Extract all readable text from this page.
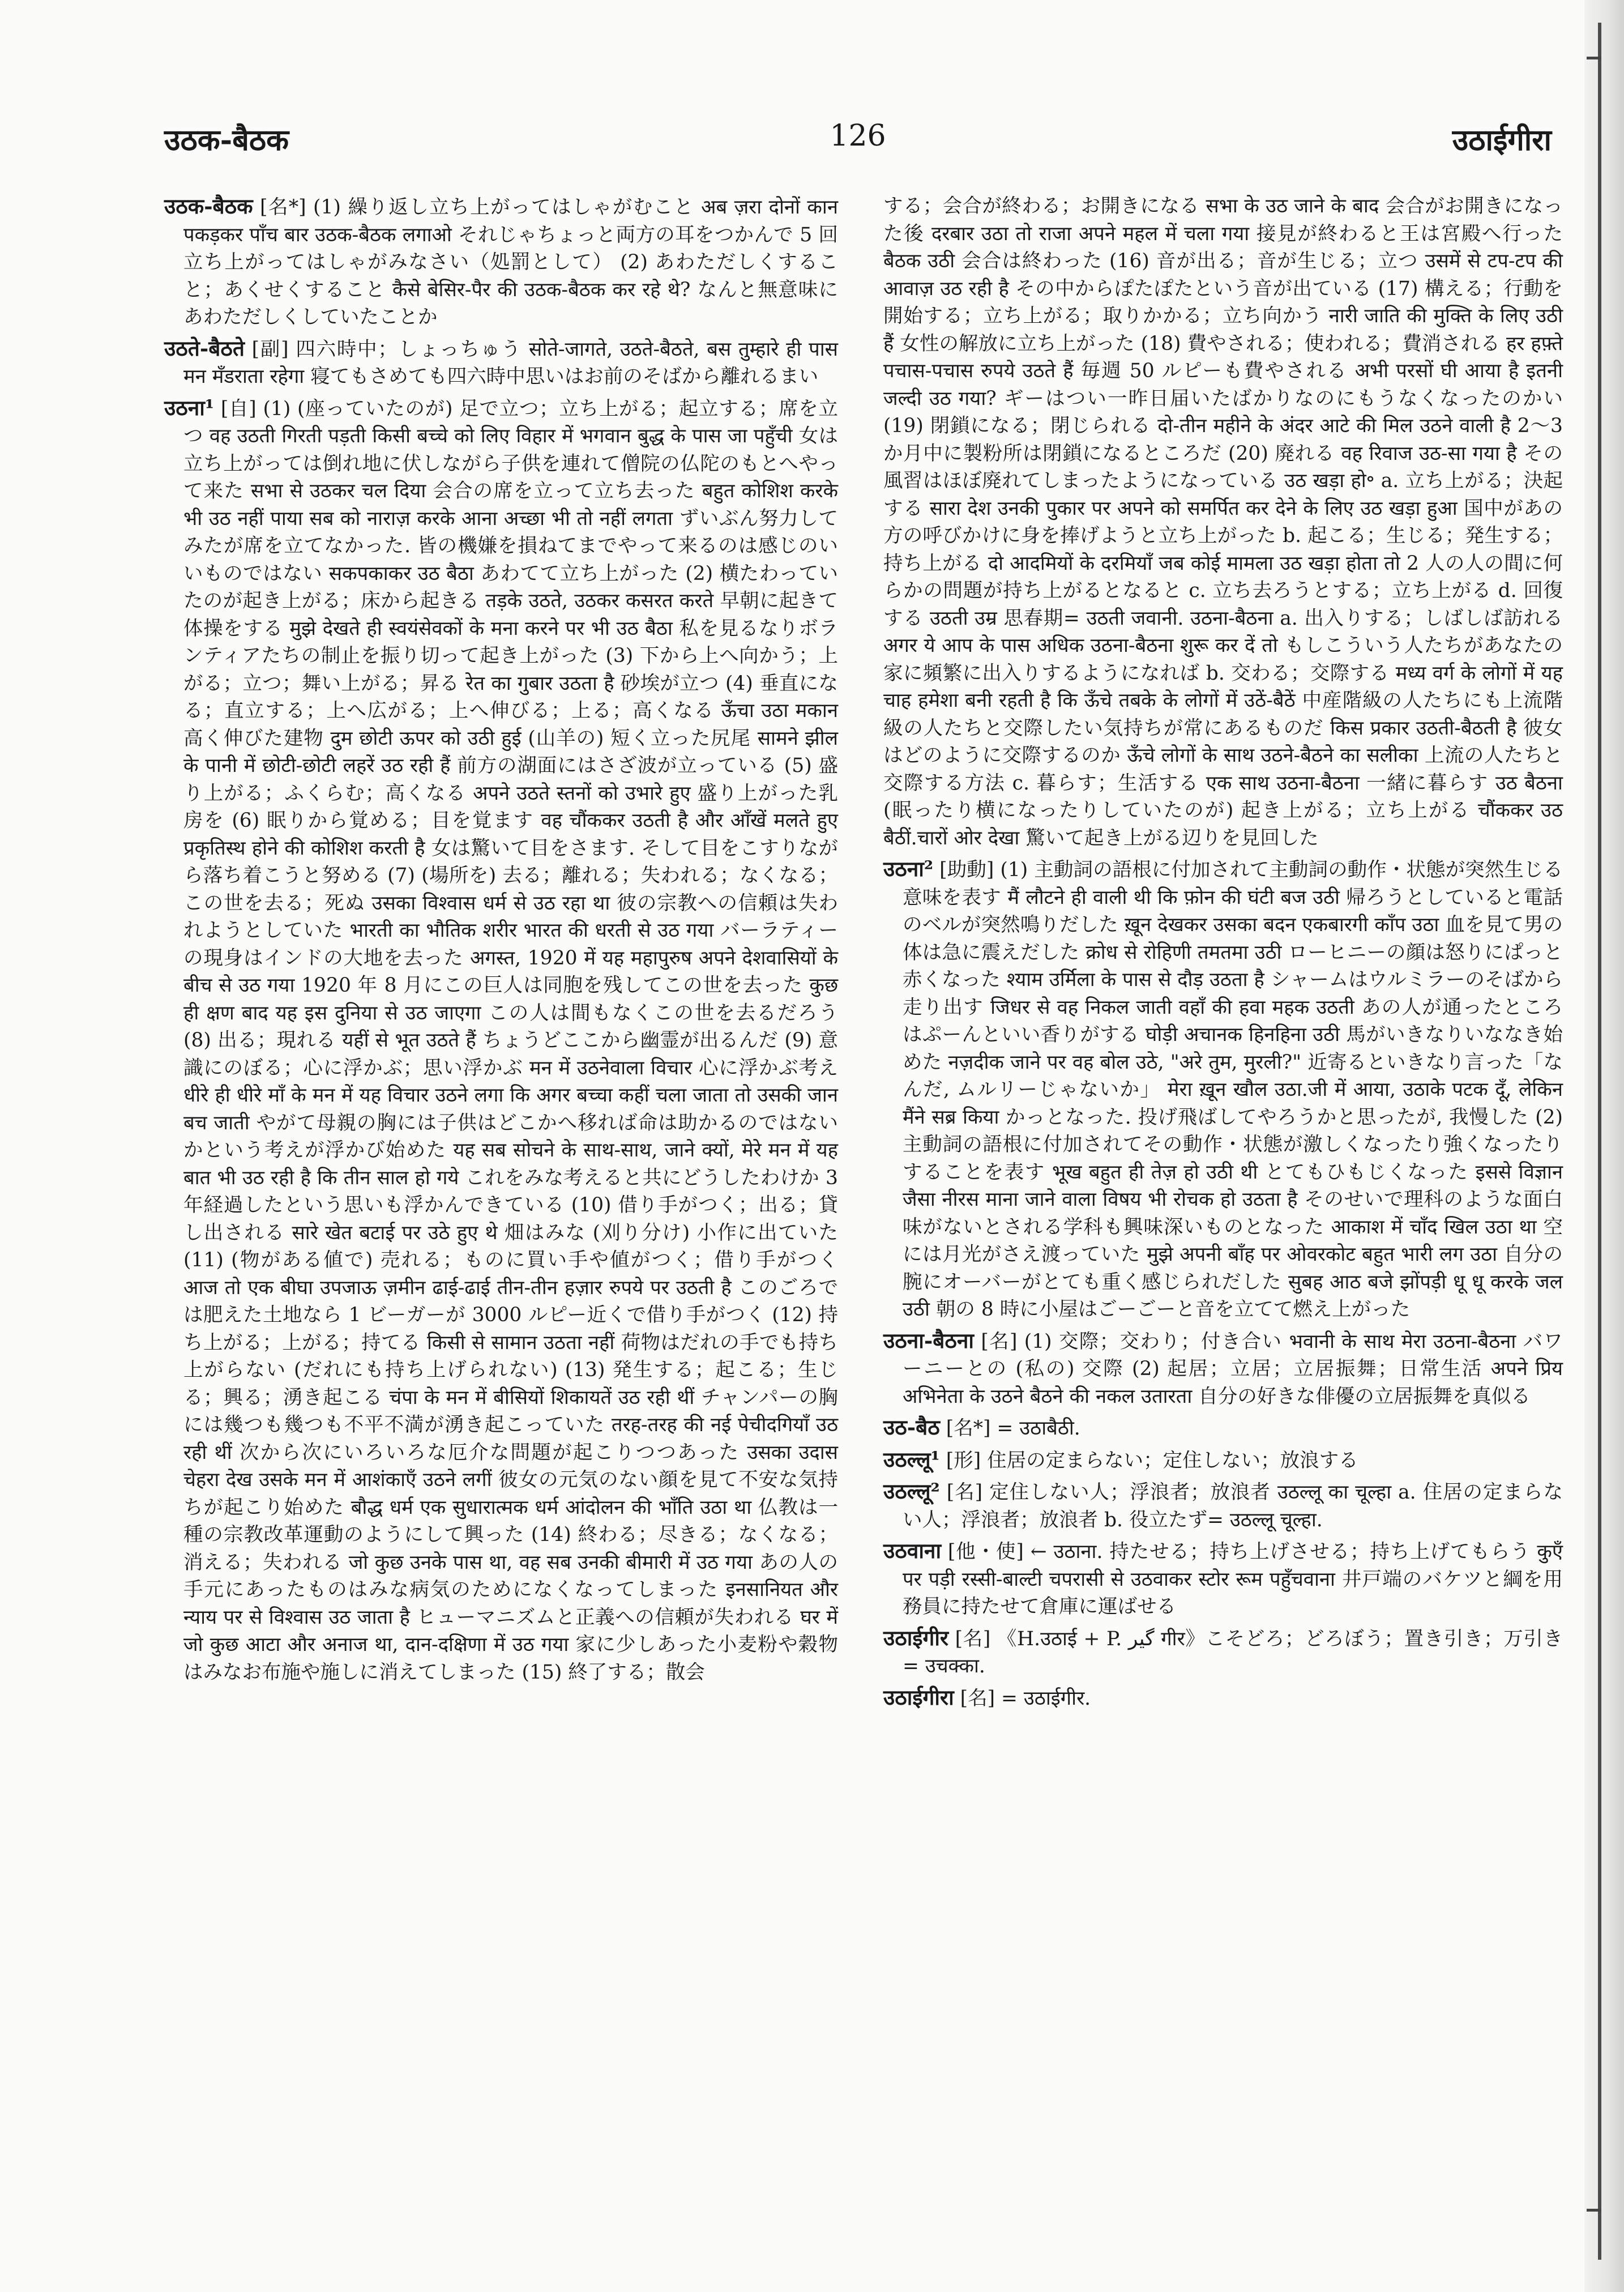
उठक-बैठक	126	उठाईगीरा

उठक-बैठक [名*] (1) 繰り返し立ち上がってはしゃがむこと अब ज़रा दोनों कान पकड़कर पाँच बार उठक-बैठक लगाओ それじゃちょっと両方の耳をつかんで 5 回立ち上がってはしゃがみなさい（処罰として） (2) あわただしくすること；あくせくすること कैसे बेसिर-पैर की उठक-बैठक कर रहे थे? なんと無意味にあわただしくしていたことか

उठते-बैठते [副] 四六時中；しょっちゅう सोते-जागते, उठते-बैठते, बस तुम्हारे ही पास मन मँडराता रहेगा 寝てもさめても四六時中思いはお前のそばから離れるまい

उठना¹ [自] (1) (座っていたのが) 足で立つ；立ち上がる；起立する；席を立つ वह उठती गिरती पड़ती किसी बच्चे को लिए विहार में भगवान बुद्ध के पास जा पहुँची 女は立ち上がっては倒れ地に伏しながら子供を連れて僧院の仏陀のもとへやって来た सभा से उठकर चल दिया 会合の席を立って立ち去った बहुत कोशिश करके भी उठ नहीं पाया सब को नाराज़ करके आना अच्छा भी तो नहीं लगता ずいぶん努力してみたが席を立てなかった. 皆の機嫌を損ねてまでやって来るのは感じのいいものではない सकपकाकर उठ बैठा あわてて立ち上がった (2) 横たわっていたのが起き上がる；床から起きる तड़के उठते, उठकर कसरत करते 早朝に起きて体操をする मुझे देखते ही स्वयंसेवकों के मना करने पर भी उठ बैठा 私を見るなりボランティアたちの制止を振り切って起き上がった (3) 下から上へ向かう；上がる；立つ；舞い上がる；昇る रेत का गुबार उठता है 砂埃が立つ (4) 垂直になる；直立する；上へ広がる；上へ伸びる；上る；高くなる ऊँचा उठा मकान 高く伸びた建物 दुम छोटी ऊपर को उठी हुई (山羊の) 短く立った尻尾 सामने झील के पानी में छोटी-छोटी लहरें उठ रही हैं 前方の湖面にはさざ波が立っている (5) 盛り上がる；ふくらむ；高くなる अपने उठते स्तनों को उभारे हुए 盛り上がった乳房を (6) 眠りから覚める；目を覚ます वह चौंककर उठती है और आँखें मलते हुए प्रकृतिस्थ होने की कोशिश करती है 女は驚いて目をさます. そして目をこすりながら落ち着こうと努める (7) (場所を) 去る；離れる；失われる；なくなる；この世を去る；死ぬ उसका विश्वास धर्म से उठ रहा था 彼の宗教への信頼は失われようとしていた भारती का भौतिक शरीर भारत की धरती से उठ गया バーラティーの現身はインドの大地を去った अगस्त, 1920 में यह महापुरुष अपने देशवासियों के बीच से उठ गया 1920 年 8 月にこの巨人は同胞を残してこの世を去った कुछ ही क्षण बाद यह इस दुनिया से उठ जाएगा この人は間もなくこの世を去るだろう (8) 出る；現れる यहीं से भूत उठते हैं ちょうどここから幽霊が出るんだ (9) 意識にのぼる；心に浮かぶ；思い浮かぶ मन में उठनेवाला विचार 心に浮かぶ考え धीरे ही धीरे माँ के मन में यह विचार उठने लगा कि अगर बच्चा कहीं चला जाता तो उसकी जान बच जाती やがて母親の胸には子供はどこかへ移れば命は助かるのではないかという考えが浮かび始めた यह सब सोचने के साथ-साथ, जाने क्यों, मेरे मन में यह बात भी उठ रही है कि तीन साल हो गये これをみな考えると共にどうしたわけか 3 年経過したという思いも浮かんできている (10) 借り手がつく；出る；貸し出される सारे खेत बटाई पर उठे हुए थे 畑はみな (刈り分け) 小作に出ていた (11) (物がある値で) 売れる；ものに買い手や値がつく；借り手がつく आज तो एक बीघा उपजाऊ ज़मीन ढाई-ढाई तीन-तीन हज़ार रुपये पर उठती है このごろでは肥えた土地なら 1 ビーガーが 3000 ルピー近くで借り手がつく (12) 持ち上がる；上がる；持てる किसी से सामान उठता नहीं 荷物はだれの手でも持ち上がらない (だれにも持ち上げられない) (13) 発生する；起こる；生じる；興る；湧き起こる चंपा के मन में बीसियों शिकायतें उठ रही थीं チャンパーの胸には幾つも幾つも不平不満が湧き起こっていた तरह-तरह की नई पेचीदगियाँ उठ रही थीं 次から次にいろいろな厄介な問題が起こりつつあった उसका उदास चेहरा देख उसके मन में आशंकाएँ उठने लगीं 彼女の元気のない顔を見て不安な気持ちが起こり始めた बौद्ध धर्म एक सुधारात्मक धर्म आंदोलन की भाँति उठा था 仏教は一種の宗教改革運動のようにして興った (14) 終わる；尽きる；なくなる；消える；失われる जो कुछ उनके पास था, वह सब उनकी बीमारी में उठ गया あの人の手元にあったものはみな病気のためになくなってしまった इनसानियत और न्याय पर से विश्वास उठ जाता है ヒューマニズムと正義への信頼が失われる घर में जो कुछ आटा और अनाज था, दान-दक्षिणा में उठ गया 家に少しあった小麦粉や穀物はみなお布施や施しに消えてしまった (15) 終了する；散会

する；会合が終わる；お開きになる सभा के उठ जाने के बाद 会合がお開きになった後 दरबार उठा तो राजा अपने महल में चला गया 接見が終わると王は宮殿へ行った बैठक उठी 会合は終わった (16) 音が出る；音が生じる；立つ उसमें से टप-टप की आवाज़ उठ रही है その中からぽたぽたという音が出ている (17) 構える；行動を開始する；立ち上がる；取りかかる；立ち向かう नारी जाति की मुक्ति के लिए उठी हैं 女性の解放に立ち上がった (18) 費やされる；使われる；費消される हर हफ़्ते पचास-पचास रुपये उठते हैं 毎週 50 ルピーも費やされる अभी परसों घी आया है इतनी जल्दी उठ गया? ギーはつい一昨日届いたばかりなのにもうなくなったのかい (19) 閉鎖になる；閉じられる दो-तीन महीने के अंदर आटे की मिल उठने वाली है 2～3 か月中に製粉所は閉鎖になるところだ (20) 廃れる वह रिवाज उठ-सा गया है その風習はほぼ廃れてしまったようになっている उठ खड़ा हो॰ a. 立ち上がる；決起する सारा देश उनकी पुकार पर अपने को समर्पित कर देने के लिए उठ खड़ा हुआ 国中があの方の呼びかけに身を捧げようと立ち上がった b. 起こる；生じる；発生する；持ち上がる दो आदमियों के दरमियाँ जब कोई मामला उठ खड़ा होता तो 2 人の人の間に何らかの問題が持ち上がるとなると c. 立ち去ろうとする；立ち上がる d. 回復する उठती उम्र 思春期= उठती जवानी. उठना-बैठना a. 出入りする；しばしば訪れる अगर ये आप के पास अधिक उठना-बैठना शुरू कर दें तो もしこういう人たちがあなたの家に頻繁に出入りするようになれば b. 交わる；交際する मध्य वर्ग के लोगों में यह चाह हमेशा बनी रहती है कि ऊँचे तबके के लोगों में उठें-बैठें 中産階級の人たちにも上流階級の人たちと交際したい気持ちが常にあるものだ किस प्रकार उठती-बैठती है 彼女はどのように交際するのか ऊँचे लोगों के साथ उठने-बैठने का सलीका 上流の人たちと交際する方法 c. 暮らす；生活する एक साथ उठना-बैठना 一緒に暮らす उठ बैठना (眠ったり横になったりしていたのが) 起き上がる；立ち上がる चौंककर उठ बैठीं.चारों ओर देखा 驚いて起き上がる辺りを見回した

उठना² [助動] (1) 主動詞の語根に付加されて主動詞の動作・状態が突然生じる意味を表す मैं लौटने ही वाली थी कि फ़ोन की घंटी बज उठी 帰ろうとしていると電話のベルが突然鳴りだした ख़ून देखकर उसका बदन एकबारगी काँप उठा 血を見て男の体は急に震えだした क्रोध से रोहिणी तमतमा उठी ローヒニーの顔は怒りにぱっと赤くなった श्याम उर्मिला के पास से दौड़ उठता है シャームはウルミラーのそばから走り出す जिधर से वह निकल जाती वहाँ की हवा महक उठती あの人が通ったところはぷーんといい香りがする घोड़ी अचानक हिनहिना उठी 馬がいきなりいななき始めた नज़दीक जाने पर वह बोल उठे, "अरे तुम, मुरली?" 近寄るといきなり言った「なんだ, ムルリーじゃないか」 मेरा ख़ून खौल उठा.जी में आया, उठाके पटक दूँ, लेकिन मैंने सब्र किया かっとなった. 投げ飛ばしてやろうかと思ったが, 我慢した (2) 主動詞の語根に付加されてその動作・状態が激しくなったり強くなったりすることを表す भूख बहुत ही तेज़ हो उठी थी とてもひもじくなった इससे विज्ञान जैसा नीरस माना जाने वाला विषय भी रोचक हो उठता है そのせいで理科のような面白味がないとされる学科も興味深いものとなった आकाश में चाँद खिल उठा था 空には月光がさえ渡っていた मुझे अपनी बाँह पर ओवरकोट बहुत भारी लग उठा 自分の腕にオーバーがとても重く感じられだした सुबह आठ बजे झोंपड़ी धू धू करके जल उठी 朝の 8 時に小屋はごーごーと音を立てて燃え上がった

उठना-बैठना [名] (1) 交際；交わり；付き合い भवानी के साथ मेरा उठना-बैठना バワーニーとの (私の) 交際 (2) 起居；立居；立居振舞；日常生活 अपने प्रिय अभिनेता के उठने बैठने की नकल उतारता 自分の好きな俳優の立居振舞を真似る

उठ-बैठ [名*] = उठाबैठी.

उठल्लू¹ [形] 住居の定まらない；定住しない；放浪する

उठल्लू² [名] 定住しない人；浮浪者；放浪者 उठल्लू का चूल्हा a. 住居の定まらない人；浮浪者；放浪者 b. 役立たず= उठल्लू चूल्हा.

उठवाना [他・使] ← उठाना. 持たせる；持ち上げさせる；持ち上げてもらう कुएँ पर पड़ी रस्सी-बाल्टी चपरासी से उठवाकर स्टोर रूम पहुँचवाना 井戸端のバケツと綱を用務員に持たせて倉庫に運ばせる

उठाईगीर [名] 《H.उठाई + P. گیر गीर》こそどろ；どろぼう；置き引き；万引き= उचक्का.

उठाईगीरा [名] = उठाईगीर.
